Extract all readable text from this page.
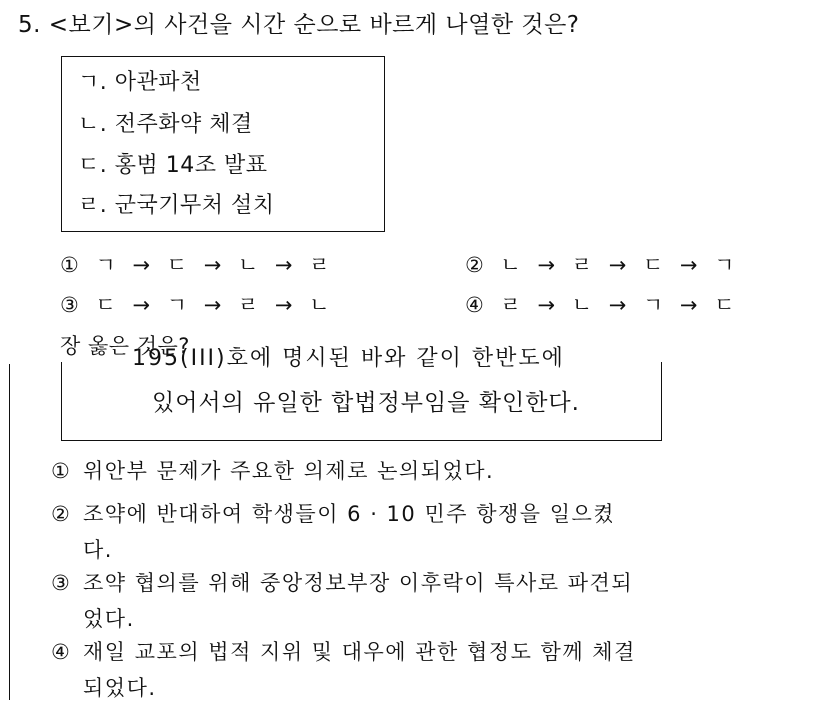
5. <보기>의 사건을 시간 순으로 바르게 나열한 것은?
ㄱ. 아관파천
ㄴ. 전주화약 체결
ㄷ. 홍범 14조 발표
ㄹ. 군국기무처 설치
① ㄱ → ㄷ → ㄴ → ㄹ	② ㄴ → ㄹ → ㄷ → ㄱ
③ ㄷ → ㄱ → ㄹ → ㄴ	④ ㄹ → ㄴ → ㄱ → ㄷ
장 옳은 것은?
195(III)호에 명시된 바와 같이 한반도에
있어서의 유일한 합법정부임을 확인한다.
① 위안부 문제가 주요한 의제로 논의되었다.
② 조약에 반대하여 학생들이 6 · 10 민주 항쟁을 일으켰
다.
③ 조약 협의를 위해 중앙정보부장 이후락이 특사로 파견되
었다.
④ 재일 교포의 법적 지위 및 대우에 관한 협정도 함께 체결
되었다.
